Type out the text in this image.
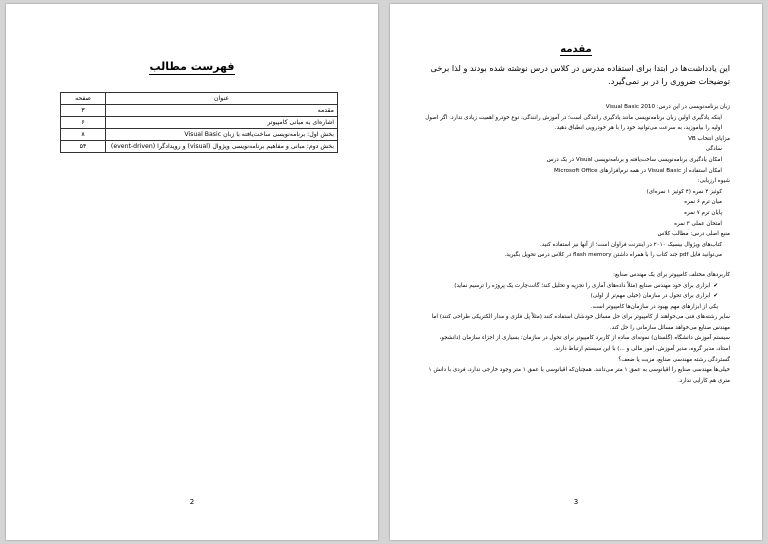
فهرست مطالب
عنوان	صفحه
مقدمه	۳
اشاره‌ای به مبانی کامپیوتر	۶
بخش اول: برنامه‌نویسی ساخت‌یافته با زبان Visual Basic	۸
بخش دوم: مبانی و مفاهیم برنامه‌نویسی ویژوال (visual) و رویدادگرا (event-driven)	۵۴
2
مقدمه
این یادداشت‌ها در ابتدا برای استفاده مدرس در کلاس درس نوشته شده بودند و لذا برخی توضیحات ضروری را در بر نمی‌گیرد.

زبان برنامه‌نویسی در این درس: Visual Basic 2010

اینکه یادگیری اولین زبان برنامه‌نویسی مانند یادگیری رانندگی است؛ در آموزش رانندگی، نوع خودرو اهمیت زیادی ندارد. اگر اصول اولیه را بیاموزید، به سرعت می‌توانید خود را با هر خودرویی انطباق دهید.

مزایای انتخاب VB

سادگی

امکان یادگیری برنامه‌نویسی ساخت‌یافته و برنامه‌نویسی Visual در یک درس

امکان استفاده از Visual Basic در همه نرم‌افزارهای Microsoft Office

شیوه ارزیابی:

کوئیز ۴ نمره (۴ کوئیز ۱ نمره‌ای)

میان ترم ۶ نمره

پایان ترم ۷ نمره

امتحان عملی ۳ نمره

منبع اصلی درس: مطالب کلاس

کتاب‌های ویژوال بیسیک ۲۰۱۰ در اینترنت فراوان است؛ از آنها نیز استفاده کنید.

می‌توانید فایل pdf جند کتاب را با همراه داشتن flash memory در کلاس درس تحویل بگیرید.

کاربردهای مختلف کامپیوتر برای یک مهندس صنایع:

✔ ابزاری برای خود مهندس صنایع (مثلاً داده‌های آماری را تجزیه و تحلیل کند؛ گانت‌چارت یک پروژه را ترسیم نماید)

✔ ابزاری برای تحول در سازمان (خیلی مهم‌تر از اولی)

یکی از ابزارهای مهم بهبود در سازمان‌ها کامپیوتر است.

سایر رشته‌های فنی می‌خواهند از کامپیوتر برای حل مسائل خودشان استفاده کنند (مثلاً پل فلزی و مدار الکتریکی طراحی کنند) اما مهندس صنایع می‌خواهد مسائل سازمانی را حل کند.

سیستم آموزش دانشگاه (گلستان) نمونه‌ای ساده از کاربرد کامپیوتر برای تحول در سازمان: بسیاری از اجزاء سازمان (دانشجو، استاد، مدیر گروه، مدیر آموزش، امور مالی و ...) با این سیستم ارتباط دارند.

گستردگی رشته مهندسی صنایع، مزیت یا ضعف؟

خیلی‌ها مهندسی صنایع را اقیانوسی به عمق ۱ متر می‌دانند. همچنان‌که اقیانوسی با عمق ۱ متر وجود خارجی ندارد، فردی با دانش ۱ متری هم کارایی ندارد.

3
